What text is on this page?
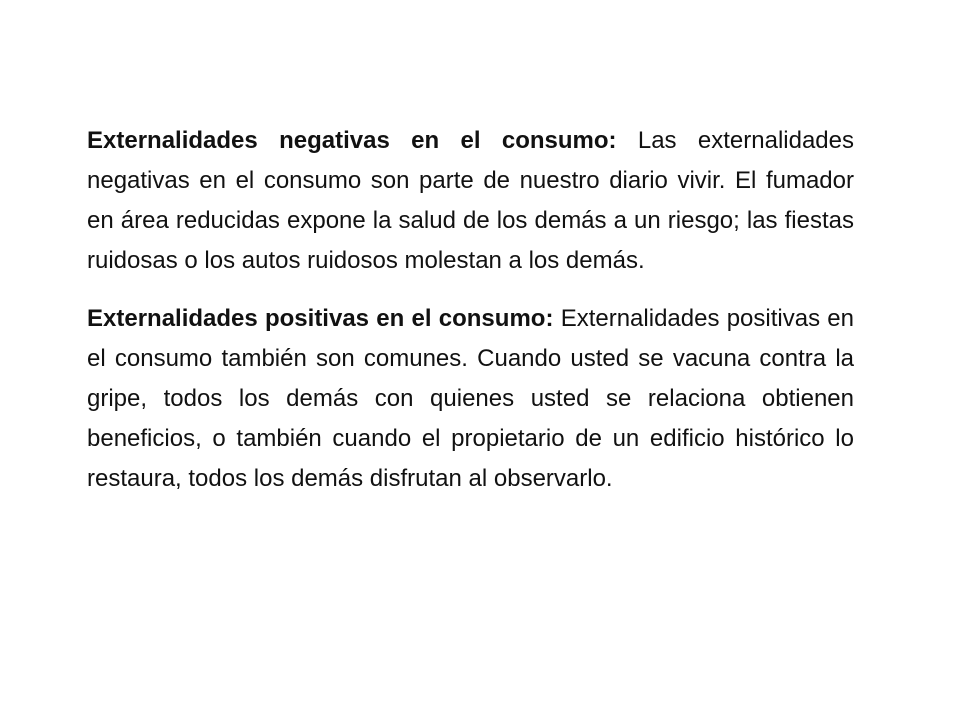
Externalidades negativas en el consumo: Las externalidades negativas en el consumo son parte de nuestro diario vivir. El fumador en área reducidas expone la salud de los demás a un riesgo; las fiestas ruidosas o los autos ruidosos molestan a los demás.

Externalidades positivas en el consumo: Externalidades positivas en el consumo también son comunes. Cuando usted se vacuna contra la gripe, todos los demás con quienes usted se relaciona obtienen beneficios, o también cuando el propietario de un edificio histórico lo restaura, todos los demás disfrutan al observarlo.
